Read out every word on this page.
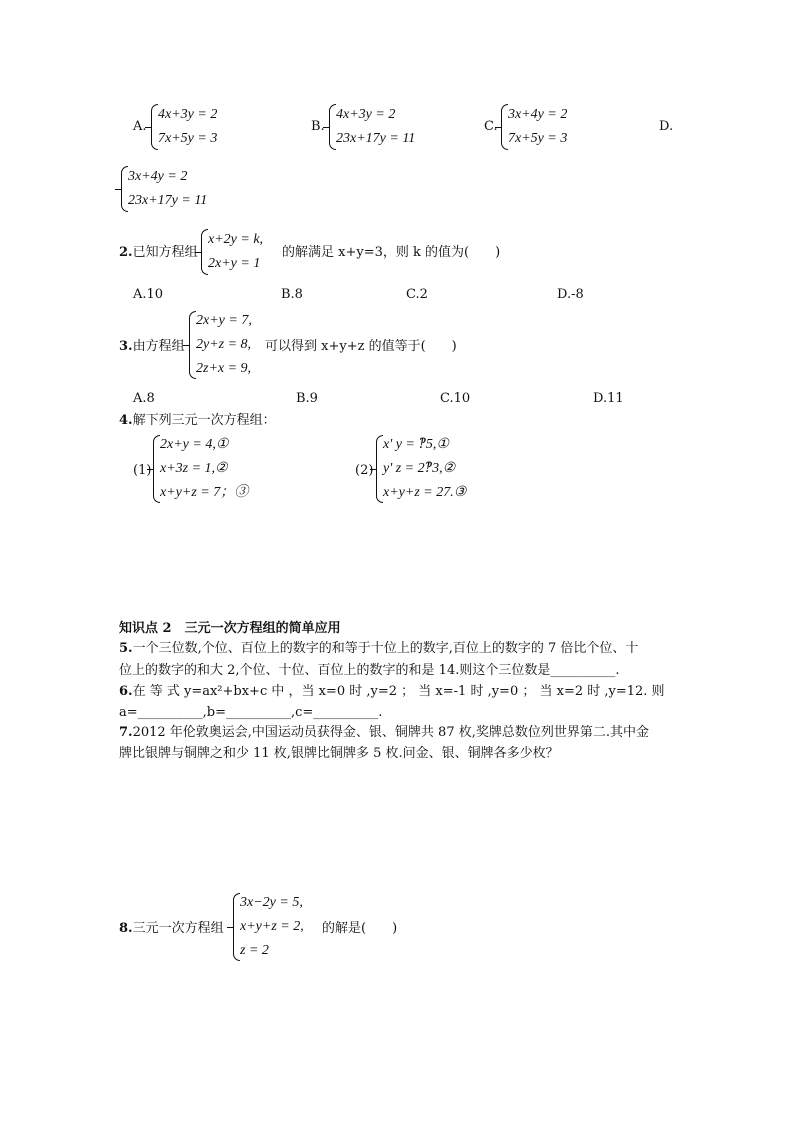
A.
4x+3y = 2
7x+5y = 3
B.
4x+3y = 2
23x+17y = 11
C.
3x+4y = 2
7x+5y = 3
D.
3x+4y = 2
23x+17y = 11
2.已知方程组
x+2y = k,
2x+y = 1
的解满足 x+y=3，则 k 的值为(　　)
A.10	B.8	C.2	D.-8
3.由方程组
2x+y = 7,
2y+z = 8,
2z+x = 9,
可以得到 x+y+z 的值等于(　　)
A.8	B.9	C.10	D.11
4.解下列三元一次方程组：
(1)
2x+y = 4,①
x+3z = 1,②
x+y+z = 7；③
(2)
x' y = ‽5,①
y' z = 2‽3,②
x+y+z = 27.③
知识点 2　三元一次方程组的简单应用
5.一个三位数,个位、百位上的数字的和等于十位上的数字,百位上的数字的 7 倍比个位、十
位上的数字的和大 2,个位、十位、百位上的数字的和是 14.则这个三位数是__________.
6.在 等 式 y=ax²+bx+c 中 ，当 x=0 时 ,y=2 ； 当 x=-1 时 ,y=0 ； 当 x=2 时 ,y=12. 则
a=__________,b=__________,c=__________.
7.2012 年伦敦奥运会,中国运动员获得金、银、铜牌共 87 枚,奖牌总数位列世界第二.其中金
牌比银牌与铜牌之和少 11 枚,银牌比铜牌多 5 枚.问金、银、铜牌各多少枚？
8.三元一次方程组
3x−2y = 5,
x+y+z = 2,
z = 2
的解是(　　)
